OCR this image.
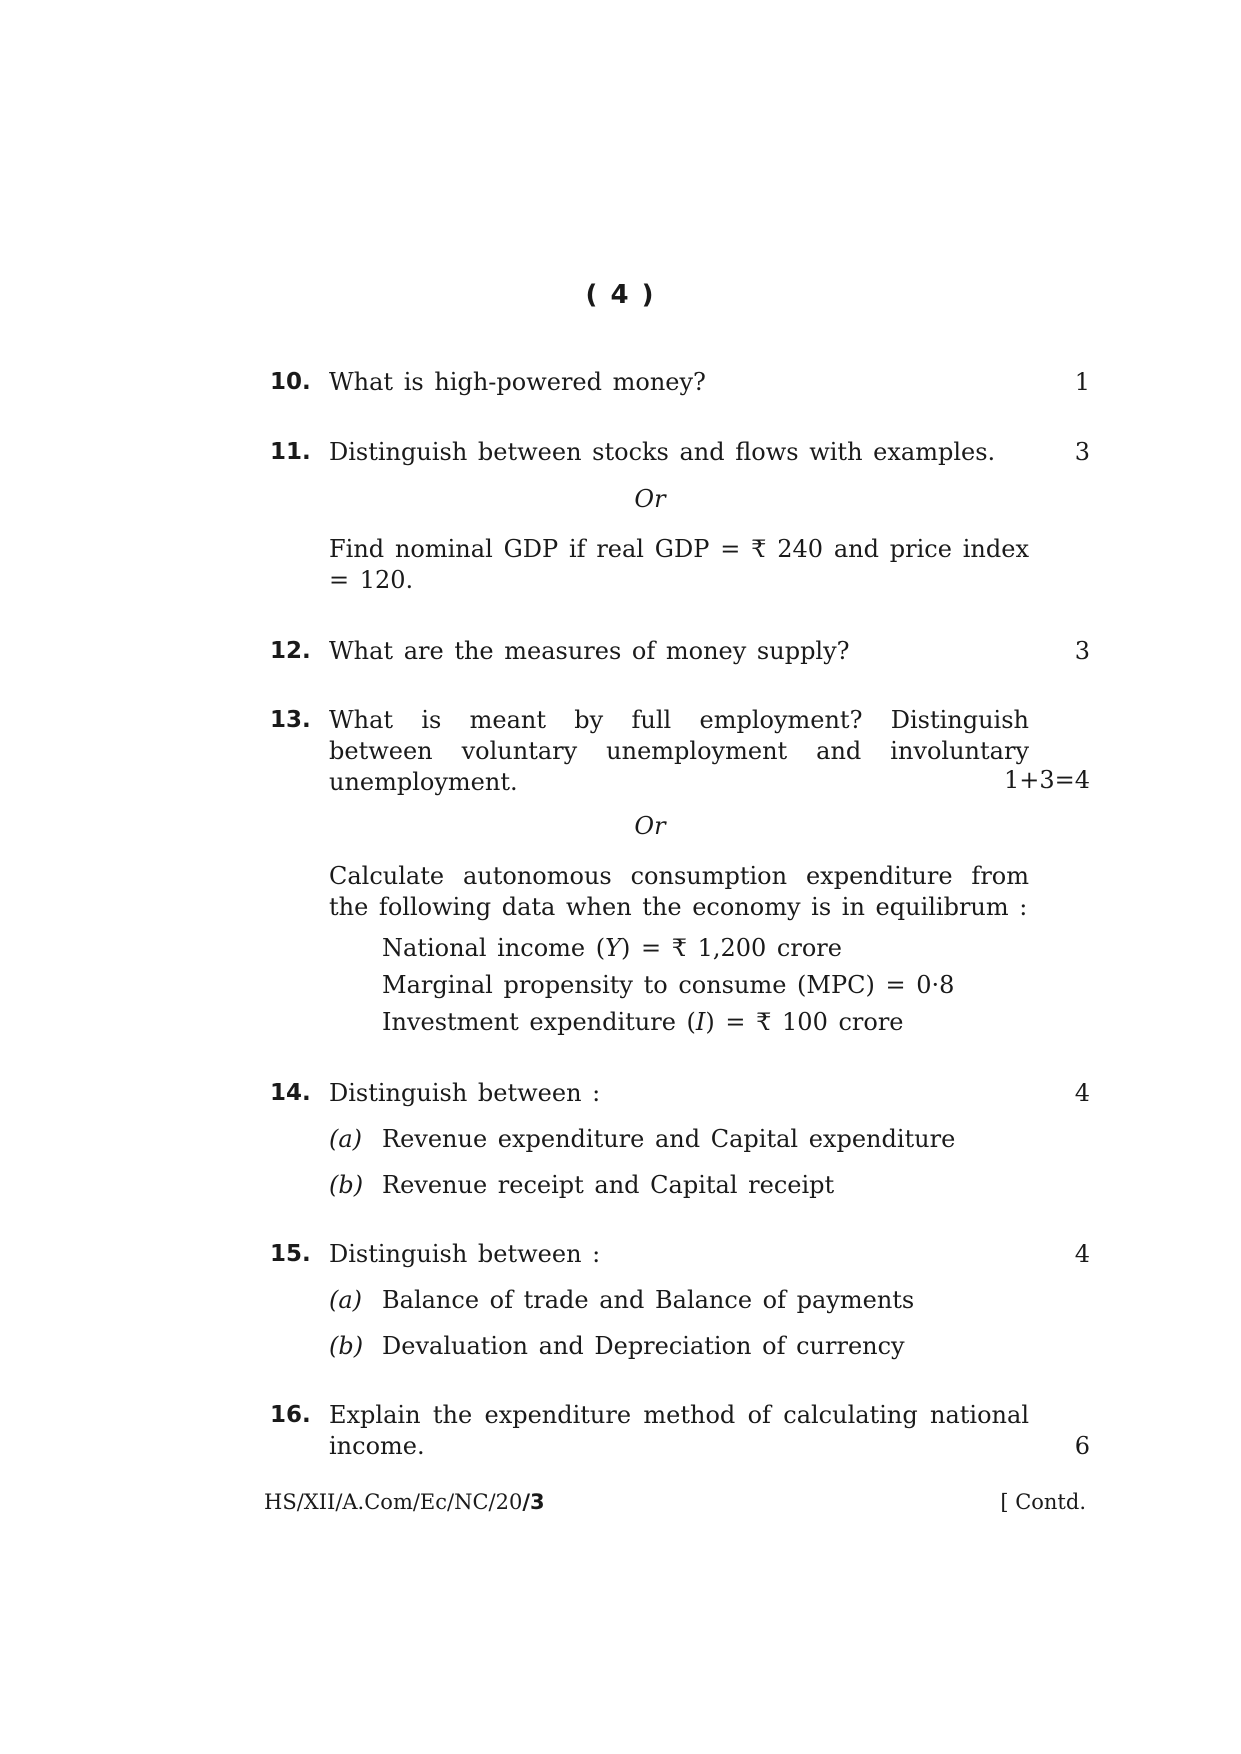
( 4 )
10. What is high-powered money?	1
11. Distinguish between stocks and flows with examples.	3
Or
Find nominal GDP if real GDP = ₹ 240 and price index = 120.
12. What are the measures of money supply?	3
13. What is meant by full employment? Distinguish between voluntary unemployment and involuntary unemployment.	1+3=4
Or
Calculate autonomous consumption expenditure from the following data when the economy is in equilibrum :
National income (Y) = ₹ 1,200 crore
Marginal propensity to consume (MPC) = 0·8
Investment expenditure (I) = ₹ 100 crore
14. Distinguish between :	4
(a) Revenue expenditure and Capital expenditure
(b) Revenue receipt and Capital receipt
15. Distinguish between :	4
(a) Balance of trade and Balance of payments
(b) Devaluation and Depreciation of currency
16. Explain the expenditure method of calculating national income.	6
HS/XII/A.Com/Ec/NC/20/3	[ Contd.
